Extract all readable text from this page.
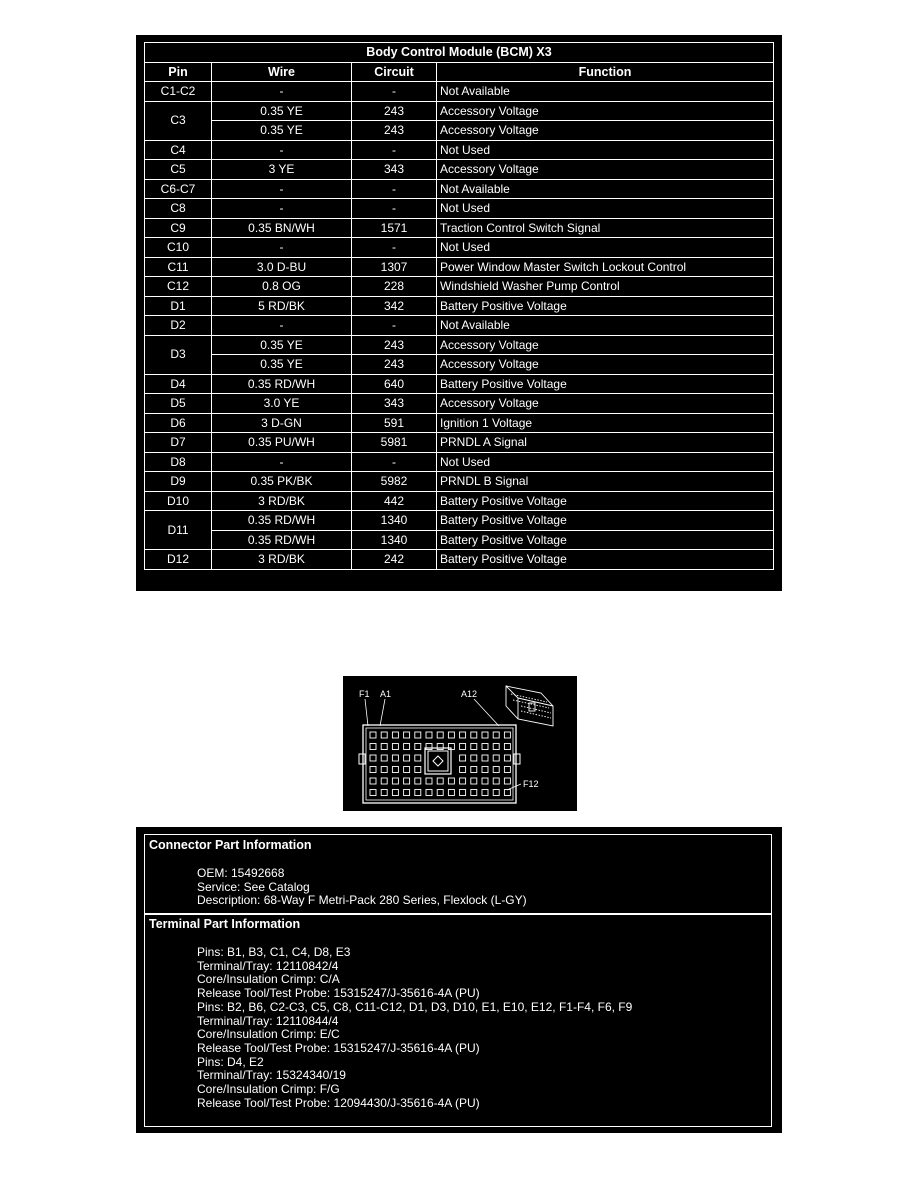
Body Control Module (BCM) X3			
Pin	Wire	Circuit	Function
C1-C2	-	-	Not Available
C3	0.35 YE	243	Accessory Voltage
	0.35 YE	243	Accessory Voltage
C4	-	-	Not Used
C5	3 YE	343	Accessory Voltage
C6-C7	-	-	Not Available
C8	-	-	Not Used
C9	0.35 BN/WH	1571	Traction Control Switch Signal
C10	-	-	Not Used
C11	3.0 D-BU	1307	Power Window Master Switch Lockout Control
C12	0.8 OG	228	Windshield Washer Pump Control
D1	5 RD/BK	342	Battery Positive Voltage
D2	-	-	Not Available
D3	0.35 YE	243	Accessory Voltage
	0.35 YE	243	Accessory Voltage
D4	0.35 RD/WH	640	Battery Positive Voltage
D5	3.0 YE	343	Accessory Voltage
D6	3 D-GN	591	Ignition 1 Voltage
D7	0.35 PU/WH	5981	PRNDL A Signal
D8	-	-	Not Used
D9	0.35 PK/BK	5982	PRNDL B Signal
D10	3 RD/BK	442	Battery Positive Voltage
D11	0.35 RD/WH	1340	Battery Positive Voltage
	0.35 RD/WH	1340	Battery Positive Voltage
D12	3 RD/BK	242	Battery Positive Voltage
F1 A1	A12
F12
Connector Part Information
OEM: 15492668
Service: See Catalog
Description: 68-Way F Metri-Pack 280 Series, Flexlock (L-GY)
Terminal Part Information
Pins: B1, B3, C1, C4, D8, E3
Terminal/Tray: 12110842/4
Core/Insulation Crimp: C/A
Release Tool/Test Probe: 15315247/J-35616-4A (PU)
Pins: B2, B6, C2-C3, C5, C8, C11-C12, D1, D3, D10, E1, E10, E12, F1-F4, F6, F9
Terminal/Tray: 12110844/4
Core/Insulation Crimp: E/C
Release Tool/Test Probe: 15315247/J-35616-4A (PU)
Pins: D4, E2
Terminal/Tray: 15324340/19
Core/Insulation Crimp: F/G
Release Tool/Test Probe: 12094430/J-35616-4A (PU)
